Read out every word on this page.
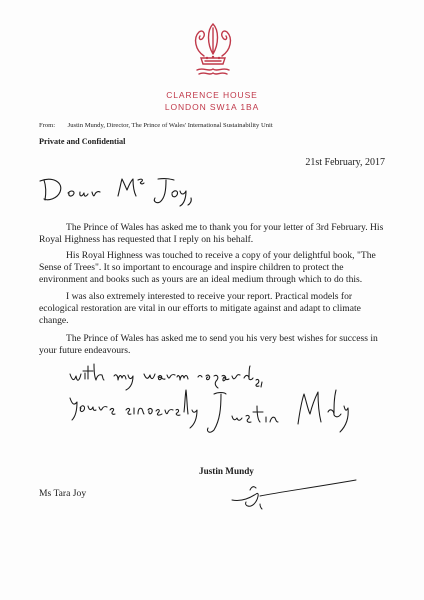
CLARENCE HOUSE
LONDON SW1A 1BA
From: Justin Mundy, Director, The Prince of Wales' International Sustainability Unit
Private and Confidential
21st February, 2017

The Prince of Wales has asked me to thank you for your letter of 3rd February. His Royal Highness has requested that I reply on his behalf.

His Royal Highness was touched to receive a copy of your delightful book, "The Sense of Trees". It so important to encourage and inspire children to protect the environment and books such as yours are an ideal medium through which to do this.

I was also extremely interested to receive your report. Practical models for ecological restoration are vital in our efforts to mitigate against and adapt to climate change.

The Prince of Wales has asked me to send you his very best wishes for success in your future endeavours.

Justin Mundy
Ms Tara Joy
